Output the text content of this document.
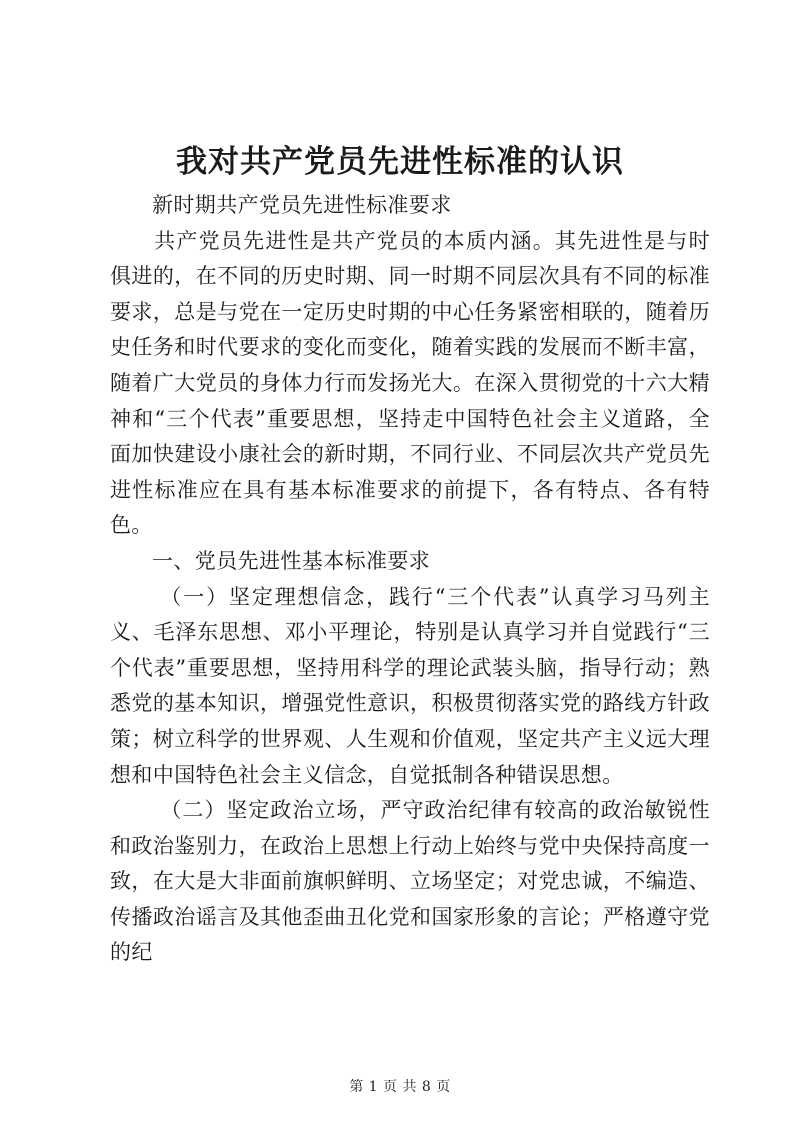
我对共产党员先进性标准的认识

新时期共产党员先进性标准要求

共产党员先进性是共产党员的本质内涵。其先进性是与时俱进的，在不同的历史时期、同一时期不同层次具有不同的标准要求，总是与党在一定历史时期的中心任务紧密相联的，随着历史任务和时代要求的变化而变化，随着实践的发展而不断丰富，随着广大党员的身体力行而发扬光大。在深入贯彻党的十六大精神和“三个代表”重要思想，坚持走中国特色社会主义道路，全面加快建设小康社会的新时期，不同行业、不同层次共产党员先进性标准应在具有基本标准要求的前提下，各有特点、各有特色。

一、党员先进性基本标准要求

（一）坚定理想信念，践行“三个代表”认真学习马列主义、毛泽东思想、邓小平理论，特别是认真学习并自觉践行“三个代表”重要思想，坚持用科学的理论武装头脑，指导行动；熟悉党的基本知识，增强党性意识，积极贯彻落实党的路线方针政策；树立科学的世界观、人生观和价值观，坚定共产主义远大理想和中国特色社会主义信念，自觉抵制各种错误思想。

（二）坚定政治立场，严守政治纪律有较高的政治敏锐性和政治鉴别力，在政治上思想上行动上始终与党中央保持高度一致，在大是大非面前旗帜鲜明、立场坚定；对党忠诚，不编造、传播政治谣言及其他歪曲丑化党和国家形象的言论；严格遵守党的纪

第 1 页 共 8 页
